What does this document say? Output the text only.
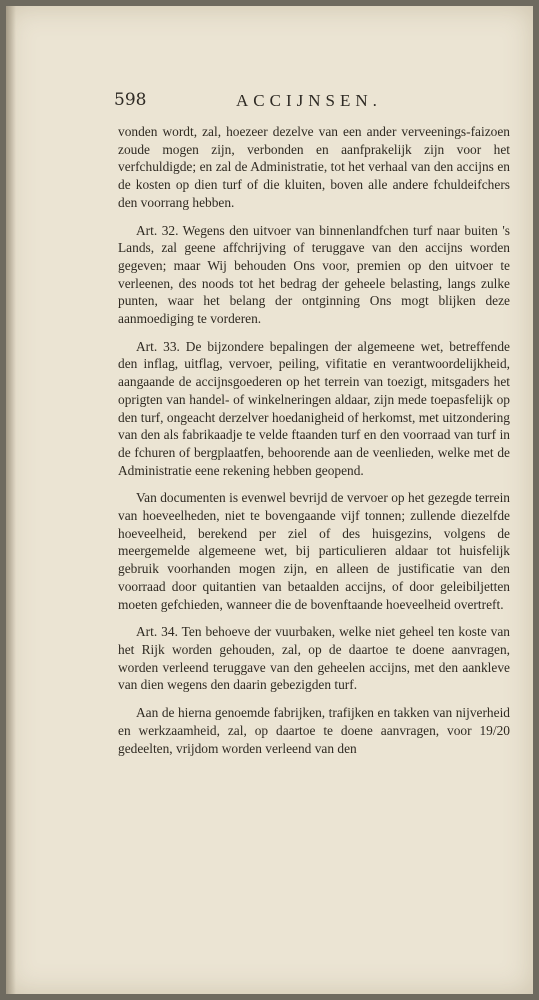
598	ACCIJNSEN.

vonden wordt, zal, hoezeer dezelve van een ander verveenings-faizoen zoude mogen zijn, verbonden en aanfprakelijk zijn voor het verfchuldigde; en zal de Administratie, tot het verhaal van den accijns en de kosten op dien turf of die kluiten, boven alle andere fchuldeifchers den voorrang hebben.

Art. 32. Wegens den uitvoer van binnenlandfchen turf naar buiten 's Lands, zal geene affchrijving of teruggave van den accijns worden gegeven; maar Wij behouden Ons voor, premien op den uitvoer te verleenen, des noods tot het bedrag der geheele belasting, langs zulke punten, waar het belang der ontginning Ons mogt blijken deze aanmoediging te vorderen.

Art. 33. De bijzondere bepalingen der algemeene wet, betreffende den inflag, uitflag, vervoer, peiling, vifitatie en verantwoordelijkheid, aangaande de accijnsgoederen op het terrein van toezigt, mitsgaders het oprigten van handel- of winkelneringen aldaar, zijn mede toepasfelijk op den turf, ongeacht derzelver hoedanigheid of herkomst, met uitzondering van den als fabrikaadje te velde ftaanden turf en den voorraad van turf in de fchuren of bergplaatfen, behoorende aan de veenlieden, welke met de Administratie eene rekening hebben geopend.

Van documenten is evenwel bevrijd de vervoer op het gezegde terrein van hoeveelheden, niet te bovengaande vijf tonnen; zullende diezelfde hoeveelheid, berekend per ziel of des huisgezins, volgens de meergemelde algemeene wet, bij particulieren aldaar tot huisfelijk gebruik voorhanden mogen zijn, en alleen de justificatie van den voorraad door quitantien van betaalden accijns, of door geleibiljetten moeten gefchieden, wanneer die de bovenftaande hoeveelheid overtreft.

Art. 34. Ten behoeve der vuurbaken, welke niet geheel ten koste van het Rijk worden gehouden, zal, op de daartoe te doene aanvragen, worden verleend teruggave van den geheelen accijns, met den aankleve van dien wegens den daarin gebezigden turf.

Aan de hierna genoemde fabrijken, trafijken en takken van nijverheid en werkzaamheid, zal, op daartoe te doene aanvragen, voor 19/20 gedeelten, vrijdom worden verleend van den
